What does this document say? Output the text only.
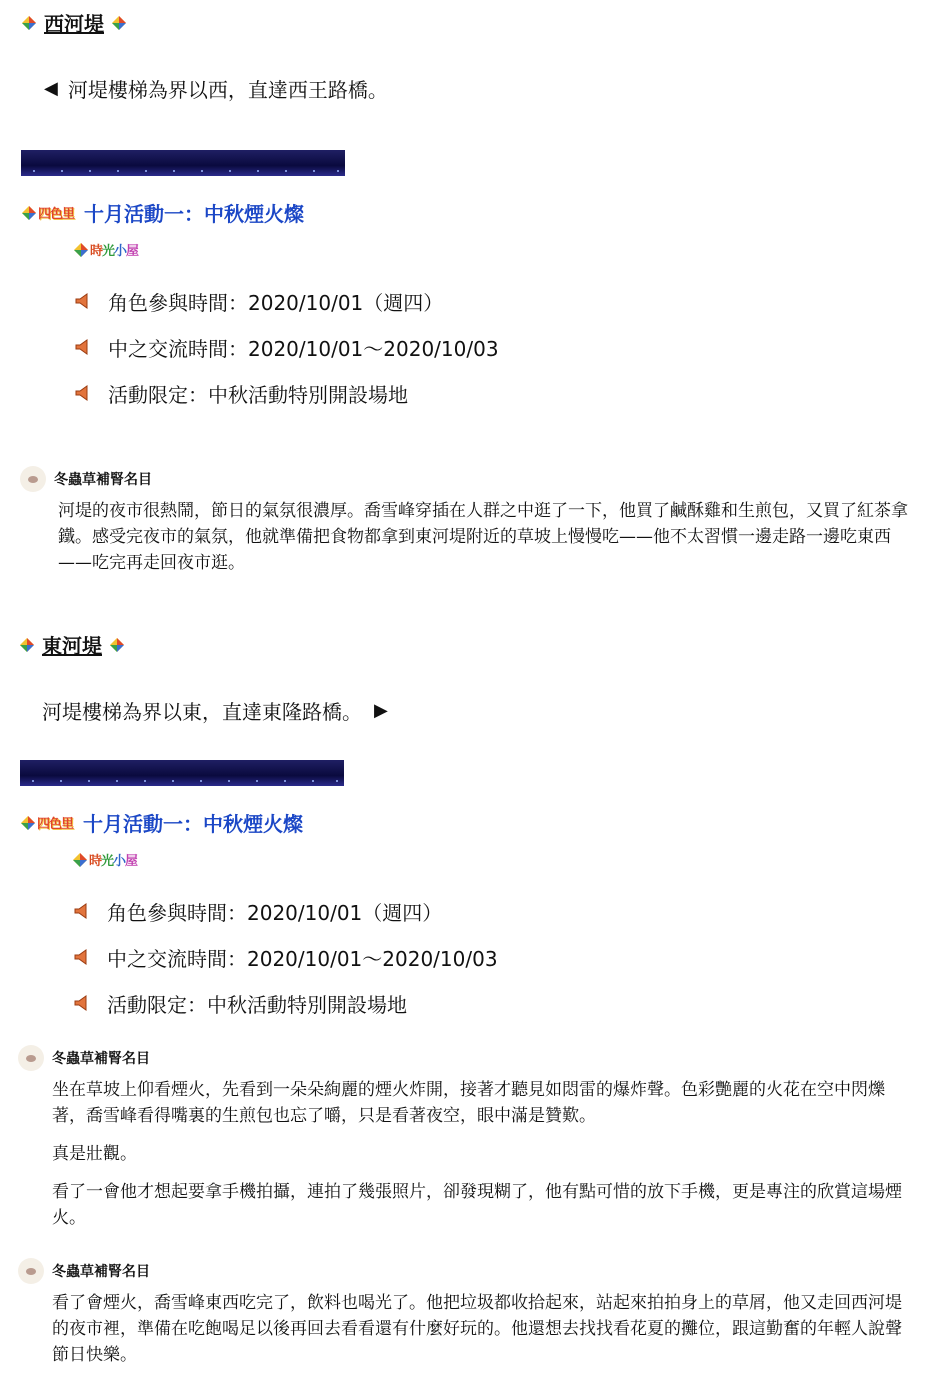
西河堤
◀ 河堤樓梯為界以西，直達西王路橋。
四色里 十月活動一：中秋煙火燦
時光小屋
角色參與時間：2020/10/01（週四）
中之交流時間：2020/10/01～2020/10/03
活動限定：中秋活動特別開設場地
冬蟲草補腎名目

河堤的夜市很熱鬧，節日的氣氛很濃厚。喬雪峰穿插在人群之中逛了一下，他買了鹹酥雞和生煎包，又買了紅茶拿鐵。感受完夜市的氣氛，他就準備把食物都拿到東河堤附近的草坡上慢慢吃——他不太習慣一邊走路一邊吃東西——吃完再走回夜市逛。

東河堤
河堤樓梯為界以東，直達東隆路橋。 ▶
四色里 十月活動一：中秋煙火燦
時光小屋
角色參與時間：2020/10/01（週四）
中之交流時間：2020/10/01～2020/10/03
活動限定：中秋活動特別開設場地
冬蟲草補腎名目

坐在草坡上仰看煙火，先看到一朵朵絢麗的煙火炸開，接著才聽見如悶雷的爆炸聲。色彩艷麗的火花在空中閃爍著，喬雪峰看得嘴裏的生煎包也忘了嚼，只是看著夜空，眼中滿是贊歎。

真是壯觀。

看了一會他才想起要拿手機拍攝，連拍了幾張照片，卻發現糊了，他有點可惜的放下手機，更是專注的欣賞這場煙火。

冬蟲草補腎名目

看了會煙火，喬雪峰東西吃完了，飲料也喝光了。他把垃圾都收拾起來，站起來拍拍身上的草屑，他又走回西河堤的夜市裡，準備在吃飽喝足以後再回去看看還有什麼好玩的。他還想去找找看花夏的攤位，跟這勤奮的年輕人說聲節日快樂。
